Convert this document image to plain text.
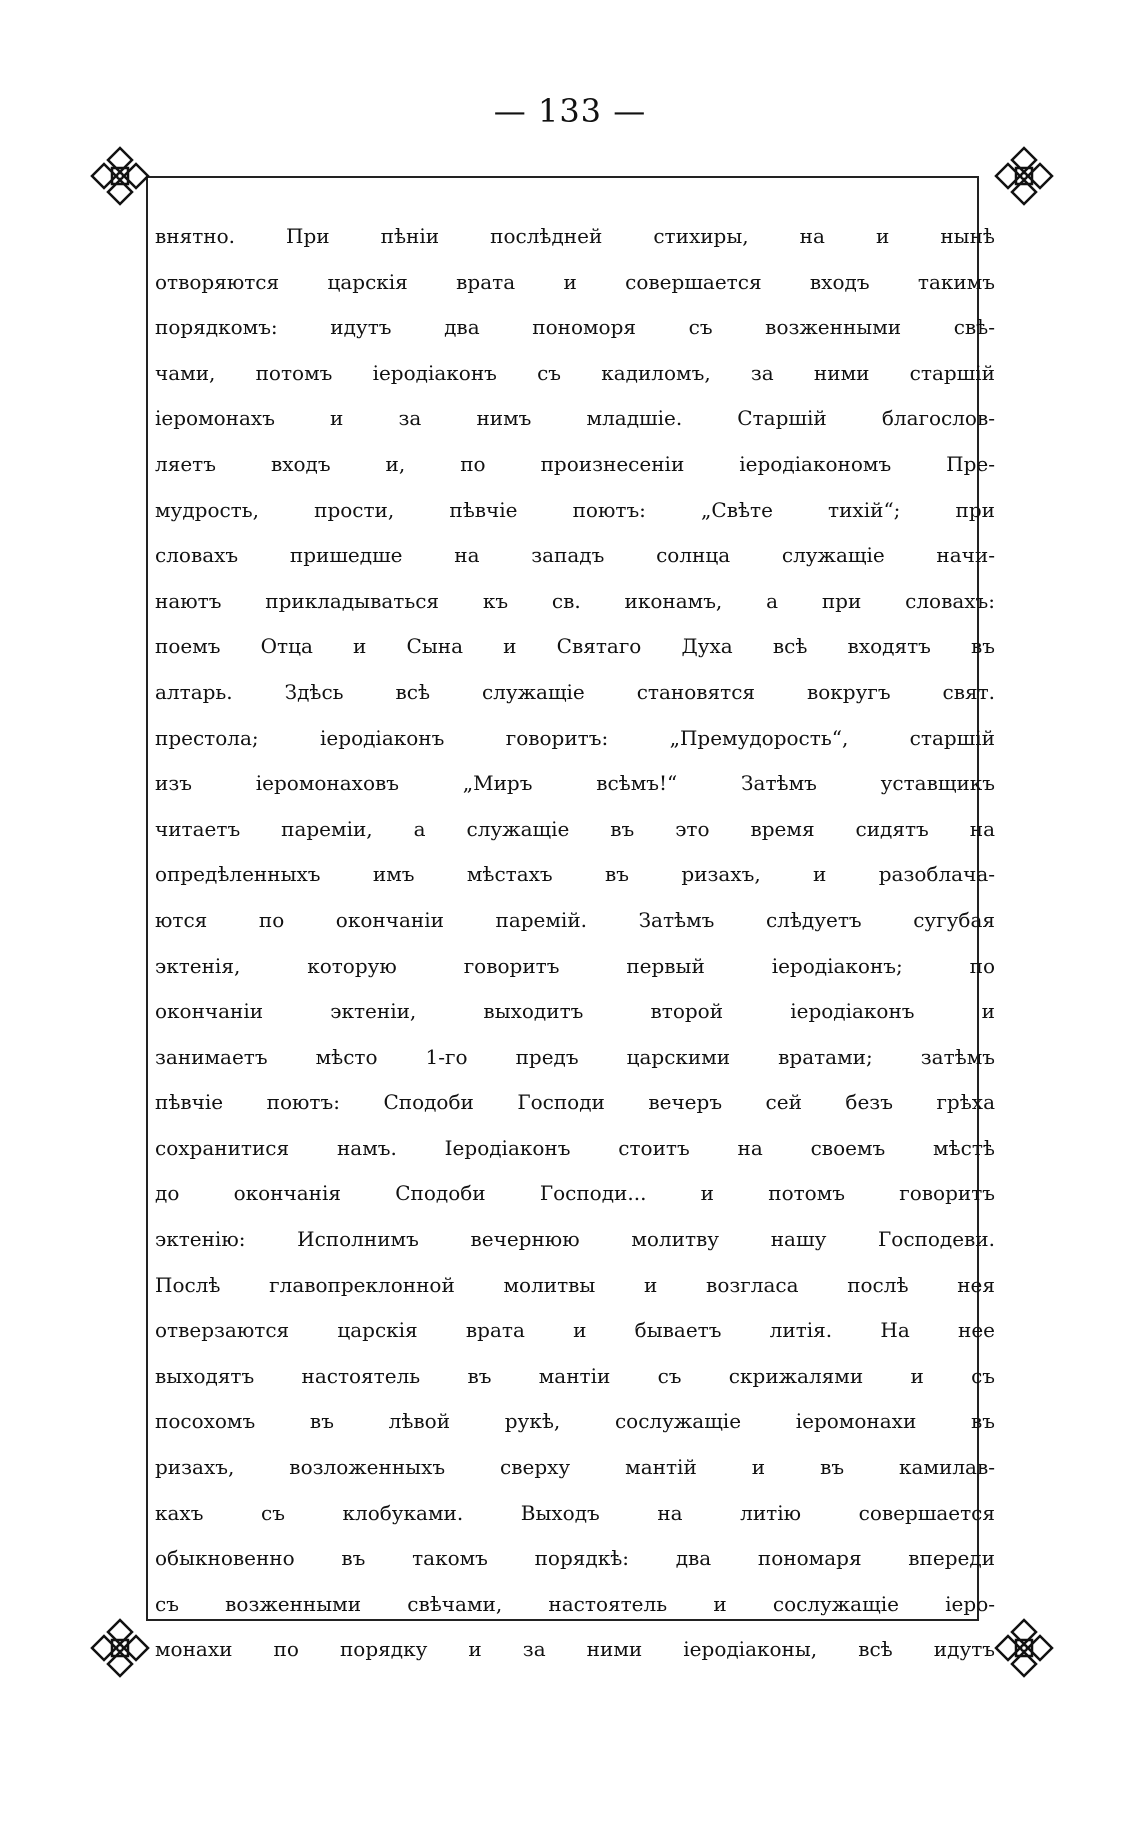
— 133 —
внятно. При пѣніи послѣдней стихиры, на и нынѣ
отворяются царскія врата и совершается входъ такимъ
порядкомъ: идутъ два пономоря съ возженными свѣ-
чами, потомъ іеродіаконъ съ кадиломъ, за ними старшій
іеромонахъ и за нимъ младшіе. Старшій благослов-
ляетъ входъ и, по произнесеніи іеродіакономъ Пре-
мудрость, прости, пѣвчіе поютъ: „Свѣте тихій“; при
словахъ пришедше на западъ солнца служащіе начи-
наютъ прикладываться къ св. иконамъ, а при словахъ:
поемъ Отца и Сына и Святаго Духа всѣ входятъ въ
алтарь. Здѣсь всѣ служащіе становятся вокругъ свят.
престола; іеродіаконъ говоритъ: „Премудорость“, старшій
изъ іеромонаховъ „Миръ всѣмъ!“ Затѣмъ уставщикъ
читаетъ паремiи, а служащіе въ это время сидятъ на
опредѣленныхъ имъ мѣстахъ въ ризахъ, и разоблача-
ются по окончаніи паремій. Затѣмъ слѣдуетъ сугубая
эктенія, которую говоритъ первый іеродіаконъ; по
окончаніи эктеніи, выходитъ второй іеродіаконъ и
занимаетъ мѣсто 1-го предъ царскими вратами; затѣмъ
пѣвчіе поютъ: Сподоби Господи вечеръ сей безъ грѣха
сохранитися намъ. Іеродіаконъ стоитъ на своемъ мѣстѣ
до окончанія Сподоби Господи... и потомъ говоритъ
эктенію: Исполнимъ вечернюю молитву нашу Господеви.
Послѣ главопреклонной молитвы и возгласа послѣ нея
отверзаются царскія врата и бываетъ литія. На нее
выходятъ настоятель въ мантіи съ скрижалями и съ
посохомъ въ лѣвой рукѣ, сослужащіе іеромонахи въ
ризахъ, возложенныхъ сверху мантій и въ камилав-
кахъ съ клобуками. Выходъ на литію совершается
обыкновенно въ такомъ порядкѣ: два пономаря впереди
съ возженными свѣчами, настоятель и сослужащіе іеро-
монахи по порядку и за ними іеродіаконы, всѣ идутъ
